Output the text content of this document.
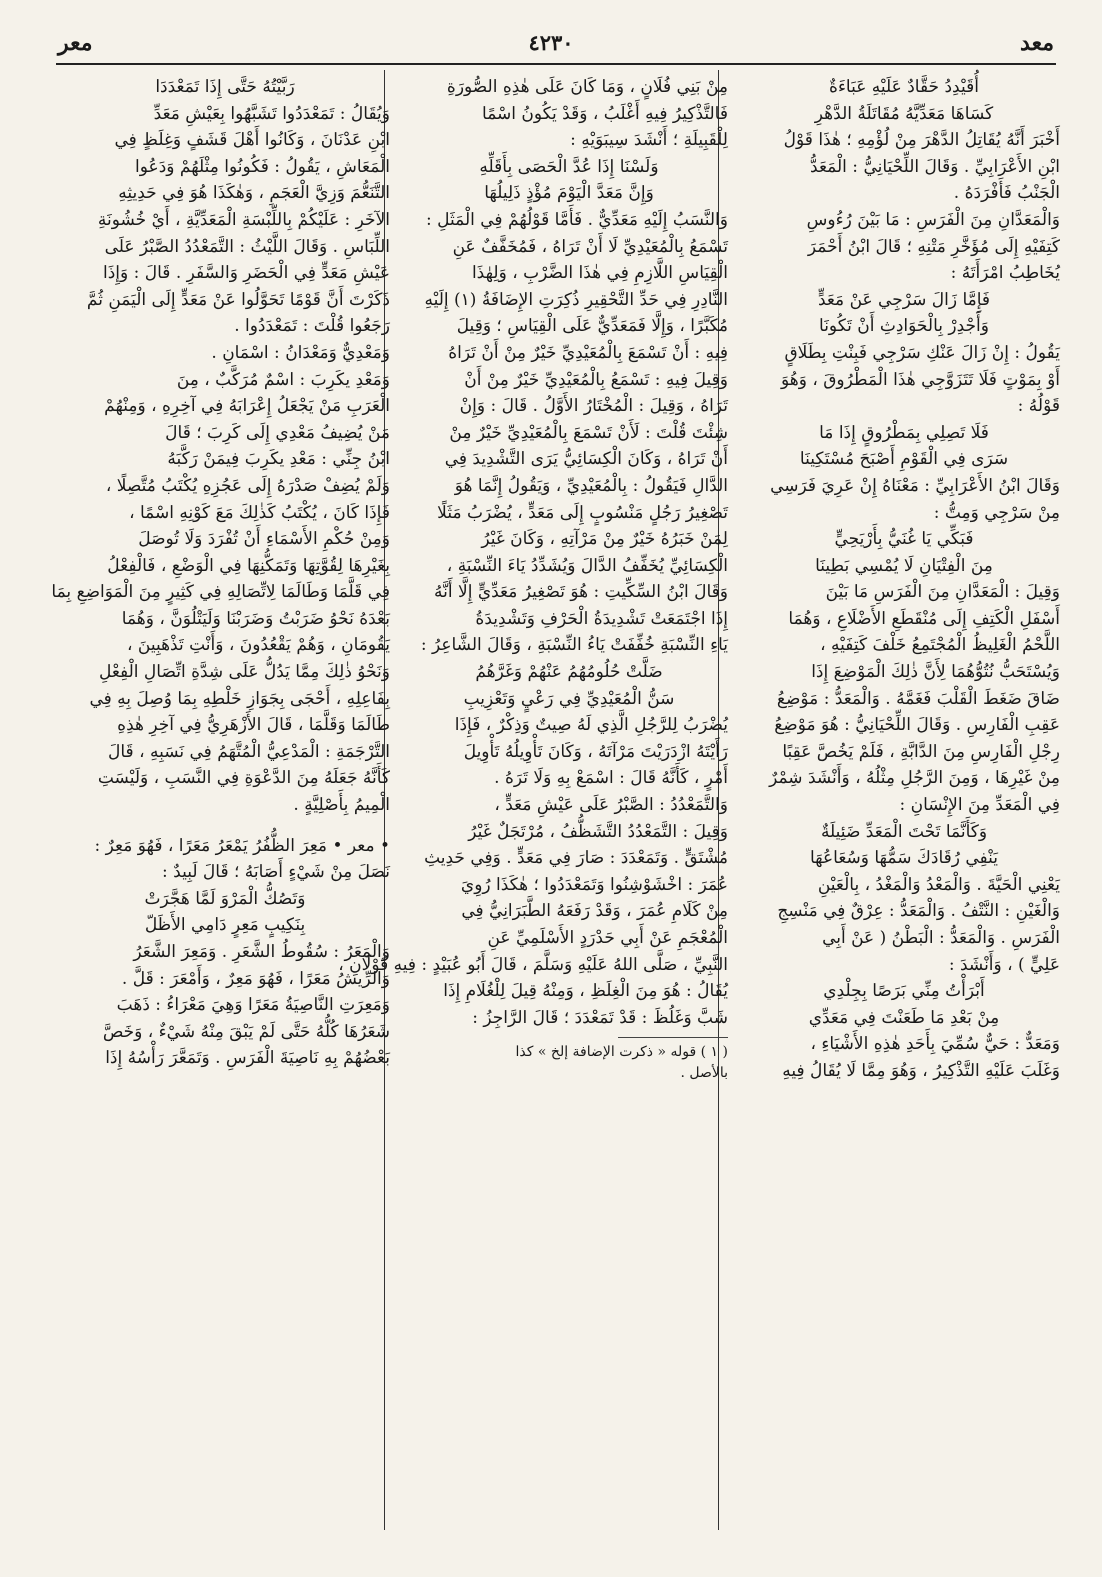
معد
٤٢٣٠
معر
أُقَيْدِدُ حَقَّادٌ عَلَيْهِ عَبَاءَةٌ
كَسَاهَا مَعَدِّيَّهُ مُقَاتَلَةُ الدَّهْرِ
أَخْبَرَ أَنَّهُ يُقَاتِلُ الدَّهْرَ مِنْ لُؤْمِهِ ؛ هٰذَا قَوْلُ
ابْنِ الأَعْرَابِيِّ . وَقَالَ اللِّحْيَانِيُّ : الْمَعَدُّ
الْجَنْبُ فَأَفْرَدَهُ .
وَالْمَعَدَّانِ مِنَ الْفَرَسِ : مَا بَيْنَ رُءُوسِ
كَتِفَيْهِ إِلَى مُؤَخَّرِ مَتْنِهِ ؛ قَالَ ابْنُ أَحْمَرَ
يُخَاطِبُ امْرَأَتَهُ :
فَإِمَّا زَالَ سَرْجِي عَنْ مَعَدٍّ
وَأَجْدِرْ بِالْحَوَادِثِ أَنْ تَكُونَا
يَقُولُ : إِنْ زَالَ عَنْكِ سَرْجِي فَبِنْتِ بِطَلَاقٍ
أَوْ بِمَوْتٍ فَلَا تَتَزَوَّجِي هٰذَا الْمَطْرُوقَ ، وَهُوَ
قَوْلُهُ :
فَلَا تَصِلِي بِمَطْرُوقٍ إِذَا مَا
سَرَى فِي الْقَوْمِ أَصْبَحَ مُسْتَكِينَا
وَقَالَ ابْنُ الأَعْرَابِيِّ : مَعْنَاهُ إِنْ عَرِيَ فَرَسِي
مِنْ سَرْجِي وَمِتُّ :
فَبَكِّي يَا غُنَيُّ بِأَرْيَحِيٍّ
مِنَ الْفِتْيَانِ لَا يُمْسِي بَطِينَا
وَقِيلَ : الْمَعَدَّانِ مِنَ الْفَرَسِ مَا بَيْنَ
أَسْفَلِ الْكَتِفِ إِلَى مُنْقَطَعِ الأَضْلَاعِ ، وَهُمَا
اللَّحْمُ الْغَلِيظُ الْمُجْتَمِعُ خَلْفَ كَتِفَيْهِ ،
وَيُسْتَحَبُّ نُتُوُّهُمَا لِأَنَّ ذٰلِكَ الْمَوْضِعَ إِذَا
ضَاقَ ضَغَطَ الْقَلْبَ فَغَمَّهُ . وَالْمَعَدُّ : مَوْضِعُ
عَقِبِ الْفَارِسِ . وَقَالَ اللِّحْيَانِيُّ : هُوَ مَوْضِعُ
رِجْلِ الْفَارِسِ مِنَ الدَّابَّةِ ، فَلَمْ يَخُصَّ عَقِبًا
مِنْ غَيْرِهَا ، وَمِنَ الرَّجُلِ مِثْلُهُ ، وَأَنْشَدَ شِمْرٌ
فِي الْمَعَدِّ مِنَ الإِنْسَانِ :
وَكَأَنَّمَا تَحْتَ الْمَعَدِّ ضَئِيلَةٌ
يَنْفِي رُقَادَكَ سَمُّهَا وَسُعَاعُهَا
يَعْنِي الْحَيَّةَ . وَالْمَعْدُ وَالْمَغْدُ ، بِالْعَيْنِ
وَالْغَيْنِ : النَّتْفُ . وَالْمَعَدُّ : عِرْقٌ فِي مَنْسِجِ
الْفَرَسِ . وَالْمَعَدُّ : الْبَطْنُ ( عَنْ أَبِي
عَلِيٍّ ) ، وَأَنْشَدَ :
أَبْرَأْتُ مِنِّي بَرَصًا بِجِلْدِي
مِنْ بَعْدِ مَا طَعَنْتَ فِي مَعَدِّي
وَمَعَدٌّ : حَيٌّ سُمِّيَ بِأَحَدِ هٰذِهِ الأَشْيَاءِ ،
وَغَلَبَ عَلَيْهِ التَّذْكِيرُ ، وَهُوَ مِمَّا لَا يُقَالُ فِيهِ
مِنْ بَنِي فُلَانٍ ، وَمَا كَانَ عَلَى هٰذِهِ الصُّورَةِ
فَالتَّذْكِيرُ فِيهِ أَغْلَبُ ، وَقَدْ يَكُونُ اسْمًا
لِلْقَبِيلَةِ ؛ أَنْشَدَ سِيبَوَيْهِ :
وَلَسْنَا إِذَا عُدَّ الْحَصَى بِأَقَلِّهِ
وَإِنَّ مَعَدَّ الْيَوْمَ مُؤْذٍ ذَلِيلُهَا
وَالنَّسَبُ إِلَيْهِ مَعَدِّيٌّ . فَأَمَّا قَوْلُهُمْ فِي الْمَثَلِ :
تَسْمَعُ بِالْمُعَيْدِيِّ لَا أَنْ تَرَاهُ ، فَمُخَفَّفٌ عَنِ
الْقِيَاسِ اللَّازِمِ فِي هٰذَا الضَّرْبِ ، وَلِهٰذَا
النَّادِرِ فِي حَدِّ التَّحْقِيرِ ذُكِرَتِ الإِضَافَةُ (١) إِلَيْهِ
مُكَبَّرًا ، وَإِلَّا فَمَعَدِّيٌّ عَلَى الْقِيَاسِ ؛ وَقِيلَ
فِيهِ : أَنْ تَسْمَعَ بِالْمُعَيْدِيِّ خَيْرٌ مِنْ أَنْ تَرَاهُ
وَقِيلَ فِيهِ : تَسْمَعُ بِالْمُعَيْدِيِّ خَيْرٌ مِنْ أَنْ
تَرَاهُ ، وَقِيلَ : الْمُخْتَارُ الأَوَّلُ . قَالَ : وَإِنْ
شِئْتَ قُلْتَ : لَأَنْ تَسْمَعَ بِالْمُعَيْدِيِّ خَيْرٌ مِنْ
أَنْ تَرَاهُ ، وَكَانَ الْكِسَائِيُّ يَرَى التَّشْدِيدَ فِي
الدَّالِ فَيَقُولُ : بِالْمُعَيْدِيِّ ، وَيَقُولُ إِنَّمَا هُوَ
تَصْغِيرُ رَجُلٍ مَنْسُوبٍ إِلَى مَعَدٍّ ، يُضْرَبُ مَثَلًا
لِمَنْ خَبَرُهُ خَيْرٌ مِنْ مَرْآتِهِ ، وَكَانَ غَيْرُ
الْكِسَائِيِّ يُخَفِّفُ الدَّالَ وَيُشَدِّدُ يَاءَ النِّسْبَةِ ،
وَقَالَ ابْنُ السِّكِّيتِ : هُوَ تَصْغِيرُ مَعَدِّيٍّ إِلَّا أَنَّهُ
إِذَا اجْتَمَعَتْ تَشْدِيدَةُ الْحَرْفِ وَتَشْدِيدَةُ
يَاءِ النِّسْبَةِ خُفِّفَتْ يَاءُ النِّسْبَةِ ، وَقَالَ الشَّاعِرُ :
ضَلَّتْ حُلُومُهُمُ عَنْهُمْ وَغَرَّهُمُ
سَنُّ الْمُعَيْدِيِّ فِي رَعْيٍ وَتَعْزِيبِ
يُضْرَبُ لِلرَّجُلِ الَّذِي لَهُ صِيتٌ وَذِكْرٌ ، فَإِذَا
رَأَيْتَهُ ازْدَرَيْتَ مَرْآتَهُ ، وَكَانَ تَأْوِيلُهُ تَأْوِيلَ
أَمْرٍ ، كَأَنَّهُ قَالَ : اسْمَعْ بِهِ وَلَا تَرَهُ .
وَالتَّمَعْدُدُ : الصَّبْرُ عَلَى عَيْشِ مَعَدٍّ ،
وَقِيلَ : التَّمَعْدُدُ التَّشَظُّفُ ، مُرْتَجَلٌ غَيْرُ
مُشْتَقٍّ . وَتَمَعْدَدَ : صَارَ فِي مَعَدٍّ . وَفِي حَدِيثِ
عُمَرَ : اخْشَوْشِنُوا وَتَمَعْدَدُوا ؛ هٰكَذَا رُوِيَ
مِنْ كَلَامِ عُمَرَ ، وَقَدْ رَفَعَهُ الطَّبَرَانِيُّ فِي
الْمُعْجَمِ عَنْ أَبِي حَدْرَدٍ الأَسْلَمِيِّ عَنِ
النَّبِيِّ ، صَلَّى اللهُ عَلَيْهِ وَسَلَّمَ ، قَالَ أَبُو عُبَيْدٍ : فِيهِ قَوْلَانِ ،
يُقَالُ : هُوَ مِنَ الْغِلَظِ ، وَمِنْهُ قِيلَ لِلْغُلَامِ إِذَا
شَبَّ وَغَلُظَ : قَدْ تَمَعْدَدَ ؛ قَالَ الرَّاجِزُ :
( ١ ) قوله « ذكرت الإضافة إلخ » كذا
بالأصل .
رَبَّيْتُهُ حَتَّى إِذَا تَمَعْدَدَا
وَيُقَالُ : تَمَعْدَدُوا تَشَبَّهُوا بِعَيْشِ مَعَدِّ
ابْنِ عَدْنَانَ ، وَكَانُوا أَهْلَ قَشَفٍ وَغِلَظٍ فِي
الْمَعَاشِ ، يَقُولُ : فَكُونُوا مِثْلَهُمْ وَدَعُوا
التَّنَعُّمَ وَزِيَّ الْعَجَمِ ، وَهٰكَذَا هُوَ فِي حَدِيثِهِ
الآخَرِ : عَلَيْكُمْ بِاللِّبْسَةِ الْمَعَدِّيَّةِ ، أَيْ خُشُونَةِ
اللِّبَاسِ . وَقَالَ اللَّيْثُ : التَّمَعْدُدُ الصَّبْرُ عَلَى
عَيْشِ مَعَدٍّ فِي الْحَضَرِ وَالسَّفَرِ . قَالَ : وَإِذَا
ذَكَرْتَ أَنَّ قَوْمًا تَحَوَّلُوا عَنْ مَعَدٍّ إِلَى الْيَمَنِ ثُمَّ
رَجَعُوا قُلْتَ : تَمَعْدَدُوا .
وَمَعْدِيٌّ وَمَعْدَانُ : اسْمَانِ .
وَمَعْدِ يكَرِبَ : اسْمٌ مُرَكَّبٌ ، مِنَ
الْعَرَبِ مَنْ يَجْعَلُ إِعْرَابَهُ فِي آخِرِهِ ، وَمِنْهُمْ
مَنْ يُضِيفُ مَعْدِي إِلَى كَرِبَ ؛ قَالَ
ابْنُ جِنِّي : مَعْدِ يكَرِبَ فِيمَنْ رَكَّبَهُ
وَلَمْ يُضِفْ صَدْرَهُ إِلَى عَجُزِهِ يُكْتَبُ مُتَّصِلًا ،
فَإِذَا كَانَ ، يُكْتَبُ كَذٰلِكَ مَعَ كَوْنِهِ اسْمًا ،
وَمِنْ حُكْمِ الأَسْمَاءِ أَنْ تُفْرَدَ وَلَا تُوصَلَ
بِغَيْرِهَا لِقُوَّتِهَا وَتَمَكُّنِهَا فِي الْوَضْعِ ، فَالْفِعْلُ
فِي قَلَّمَا وَطَالَمَا لِاتِّصَالِهِ فِي كَثِيرٍ مِنَ الْمَوَاضِعِ بِمَا
بَعْدَهُ نَحْوُ ضَرَبْتُ وَضَرَبْنَا وَلَيَتْلُوَنَّ ، وَهُمَا
يَقُومَانِ ، وَهُمْ يَقْعُدُونَ ، وَأَنْتِ تَذْهَبِينَ ،
وَنَحْوُ ذٰلِكَ مِمَّا يَدُلُّ عَلَى شِدَّةِ اتِّصَالِ الْفِعْلِ
بِفَاعِلِهِ ، أَحْجَى بِجَوَازِ خَلْطِهِ بِمَا وُصِلَ بِهِ فِي
طَالَمَا وَقَلَّمَا ، قَالَ الأَزْهَرِيُّ فِي آخِرِ هٰذِهِ
التَّرْجَمَةِ : الْمَدْعِيُّ الْمُتَّهَمُ فِي نَسَبِهِ ، قَالَ
كَأَنَّهُ جَعَلَهُ مِنَ الدَّعْوَةِ فِي النَّسَبِ ، وَلَيْسَتِ
الْمِيمُ بِأَصْلِيَّةٍ .
• معر • مَعِرَ الظُّفُرُ يَمْعَرُ مَعَرًا ، فَهُوَ مَعِرٌ :
نَصَلَ مِنْ شَيْءٍ أَصَابَهُ ؛ قَالَ لَبِيدٌ :
وَتَصُكُّ الْمَرْوَ لَمَّا هَجَّرَتْ
بِنَكِيبٍ مَعِرٍ دَامِي الأَظَلّ
وَالْمَعَرُ : سُقُوطُ الشَّعَرِ . وَمَعِرَ الشَّعَرُ
وَالرِّيشُ مَعَرًا ، فَهُوَ مَعِرٌ ، وَأَمْعَرَ : قَلَّ .
وَمَعِرَتِ النَّاصِيَةُ مَعَرًا وَهِيَ مَعْرَاءُ : ذَهَبَ
شَعَرُهَا كُلُّهُ حَتَّى لَمْ يَبْقَ مِنْهُ شَيْءٌ ، وَخَصَّ
بَعْضُهُمْ بِهِ نَاصِيَةَ الْفَرَسِ . وَتَمَعَّرَ رَأْسُهُ إِذَا
